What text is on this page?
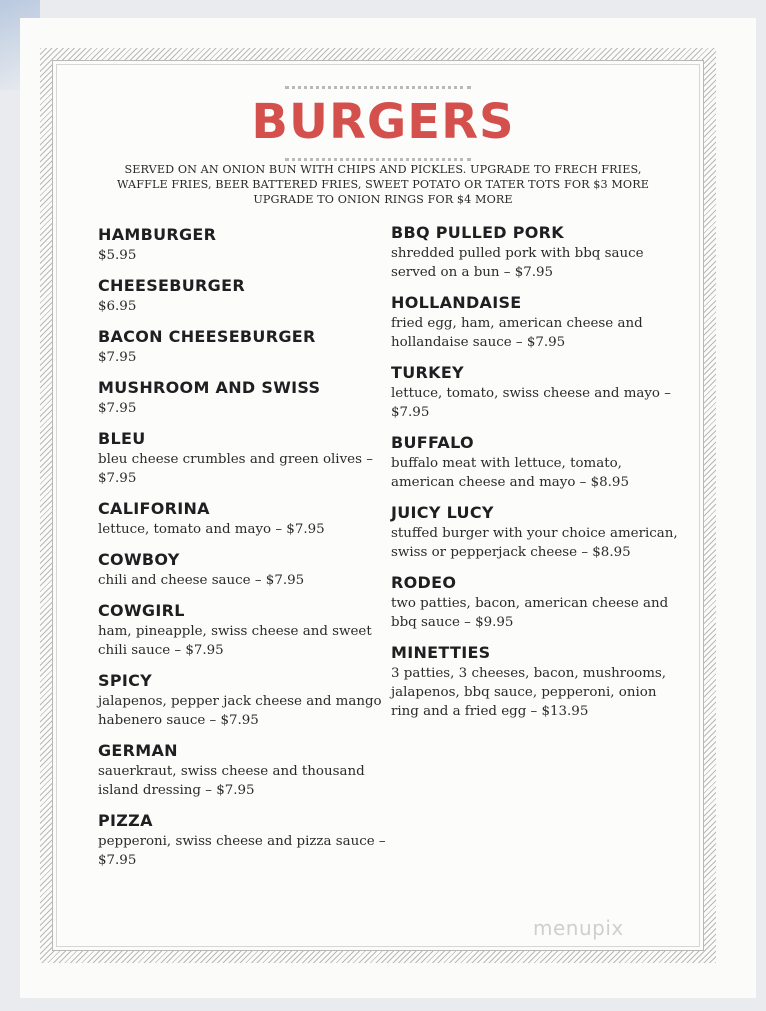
BURGERS
SERVED ON AN ONION BUN WITH CHIPS AND PICKLES. UPGRADE TO FRECH FRIES, WAFFLE FRIES, BEER BATTERED FRIES, SWEET POTATO OR TATER TOTS FOR $3 MORE UPGRADE TO ONION RINGS FOR $4 MORE
HAMBURGER
$5.95
CHEESEBURGER
$6.95
BACON CHEESEBURGER
$7.95
MUSHROOM AND SWISS
$7.95
BLEU
bleu cheese crumbles and green olives – $7.95
CALIFORINA
lettuce, tomato and mayo – $7.95
COWBOY
chili and cheese sauce – $7.95
COWGIRL
ham, pineapple, swiss cheese and sweet chili sauce – $7.95
SPICY
jalapenos, pepper jack cheese and mango habenero sauce – $7.95
GERMAN
sauerkraut, swiss cheese and thousand island dressing – $7.95
PIZZA
pepperoni, swiss cheese and pizza sauce – $7.95
BBQ PULLED PORK
shredded pulled pork with bbq sauce served on a bun – $7.95
HOLLANDAISE
fried egg, ham, american cheese and hollandaise sauce – $7.95
TURKEY
lettuce, tomato, swiss cheese and mayo – $7.95
BUFFALO
buffalo meat with lettuce, tomato, american cheese and mayo – $8.95
JUICY LUCY
stuffed burger with your choice american, swiss or pepperjack cheese – $8.95
RODEO
two patties, bacon, american cheese and bbq sauce – $9.95
MINETTIES
3 patties, 3 cheeses, bacon, mushrooms, jalapenos, bbq sauce, pepperoni, onion ring and a fried egg – $13.95
menupix
